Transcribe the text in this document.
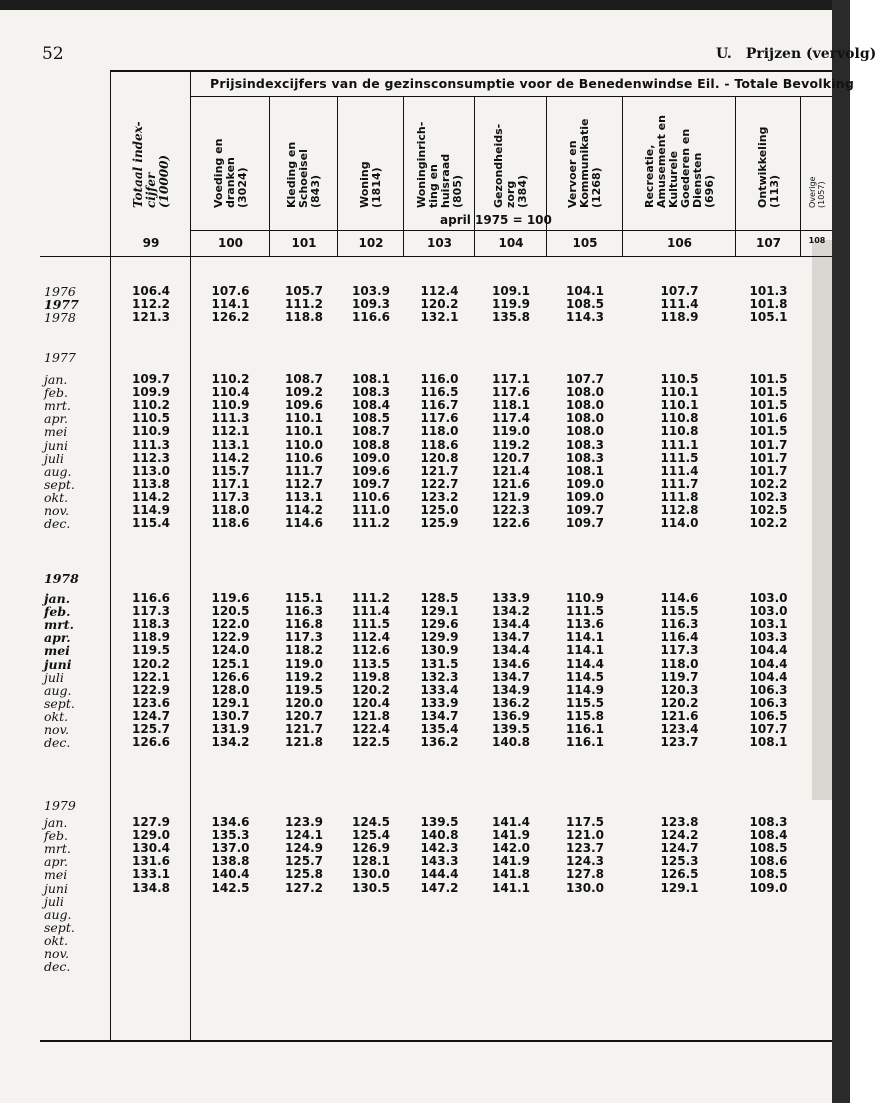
52	U. Prijzen (vervolg)
Prijsindexcijfers van de gezinsconsumptie voor de Benedenwindse Eil. - Totale Bevolking
april 1975 = 100
Totaal index-
cijfer
(10000)
99
Voeding en
dranken
(3024)
100
Kleding en
Schoeisel
(843)
101
Woning
(1814)
102
Woninginrich-
ting en
huisraad
(805)
103
Gezondheids-
zorg
(384)
104
Vervoer en
Kommunikatie
(1268)
105
Recreatie,
Amusement en
Kulturele
Goederen en
Diensten
(696)
106
Ontwikkeling
(113)
107
Overige
(1057)
108
1976	106.4	107.6	105.7	103.9	112.4	109.1	104.1	107.7	101.3
1977	112.2	114.1	111.2	109.3	120.2	119.9	108.5	111.4	101.8
1978	121.3	126.2	118.8	116.6	132.1	135.8	114.3	118.9	105.1
1977
jan.	109.7	110.2	108.7	108.1	116.0	117.1	107.7	110.5	101.5
feb.	109.9	110.4	109.2	108.3	116.5	117.6	108.0	110.1	101.5
mrt.	110.2	110.9	109.6	108.4	116.7	118.1	108.0	110.1	101.5
apr.	110.5	111.3	110.1	108.5	117.6	117.4	108.0	110.8	101.6
mei	110.9	112.1	110.1	108.7	118.0	119.0	108.0	110.8	101.5
juni	111.3	113.1	110.0	108.8	118.6	119.2	108.3	111.1	101.7
juli	112.3	114.2	110.6	109.0	120.8	120.7	108.3	111.5	101.7
aug.	113.0	115.7	111.7	109.6	121.7	121.4	108.1	111.4	101.7
sept.	113.8	117.1	112.7	109.7	122.7	121.6	109.0	111.7	102.2
okt.	114.2	117.3	113.1	110.6	123.2	121.9	109.0	111.8	102.3
nov.	114.9	118.0	114.2	111.0	125.0	122.3	109.7	112.8	102.5
dec.	115.4	118.6	114.6	111.2	125.9	122.6	109.7	114.0	102.2
1978
jan.	116.6	119.6	115.1	111.2	128.5	133.9	110.9	114.6	103.0
feb.	117.3	120.5	116.3	111.4	129.1	134.2	111.5	115.5	103.0
mrt.	118.3	122.0	116.8	111.5	129.6	134.4	113.6	116.3	103.1
apr.	118.9	122.9	117.3	112.4	129.9	134.7	114.1	116.4	103.3
mei	119.5	124.0	118.2	112.6	130.9	134.4	114.1	117.3	104.4
juni	120.2	125.1	119.0	113.5	131.5	134.6	114.4	118.0	104.4
juli	122.1	126.6	119.2	119.8	132.3	134.7	114.5	119.7	104.4
aug.	122.9	128.0	119.5	120.2	133.4	134.9	114.9	120.3	106.3
sept.	123.6	129.1	120.0	120.4	133.9	136.2	115.5	120.2	106.3
okt.	124.7	130.7	120.7	121.8	134.7	136.9	115.8	121.6	106.5
nov.	125.7	131.9	121.7	122.4	135.4	139.5	116.1	123.4	107.7
dec.	126.6	134.2	121.8	122.5	136.2	140.8	116.1	123.7	108.1
1979
jan.	127.9	134.6	123.9	124.5	139.5	141.4	117.5	123.8	108.3
feb.	129.0	135.3	124.1	125.4	140.8	141.9	121.0	124.2	108.4
mrt.	130.4	137.0	124.9	126.9	142.3	142.0	123.7	124.7	108.5
apr.	131.6	138.8	125.7	128.1	143.3	141.9	124.3	125.3	108.6
mei	133.1	140.4	125.8	130.0	144.4	141.8	127.8	126.5	108.5
juni	134.8	142.5	127.2	130.5	147.2	141.1	130.0	129.1	109.0
juli
aug.
sept.
okt.
nov.
dec.
